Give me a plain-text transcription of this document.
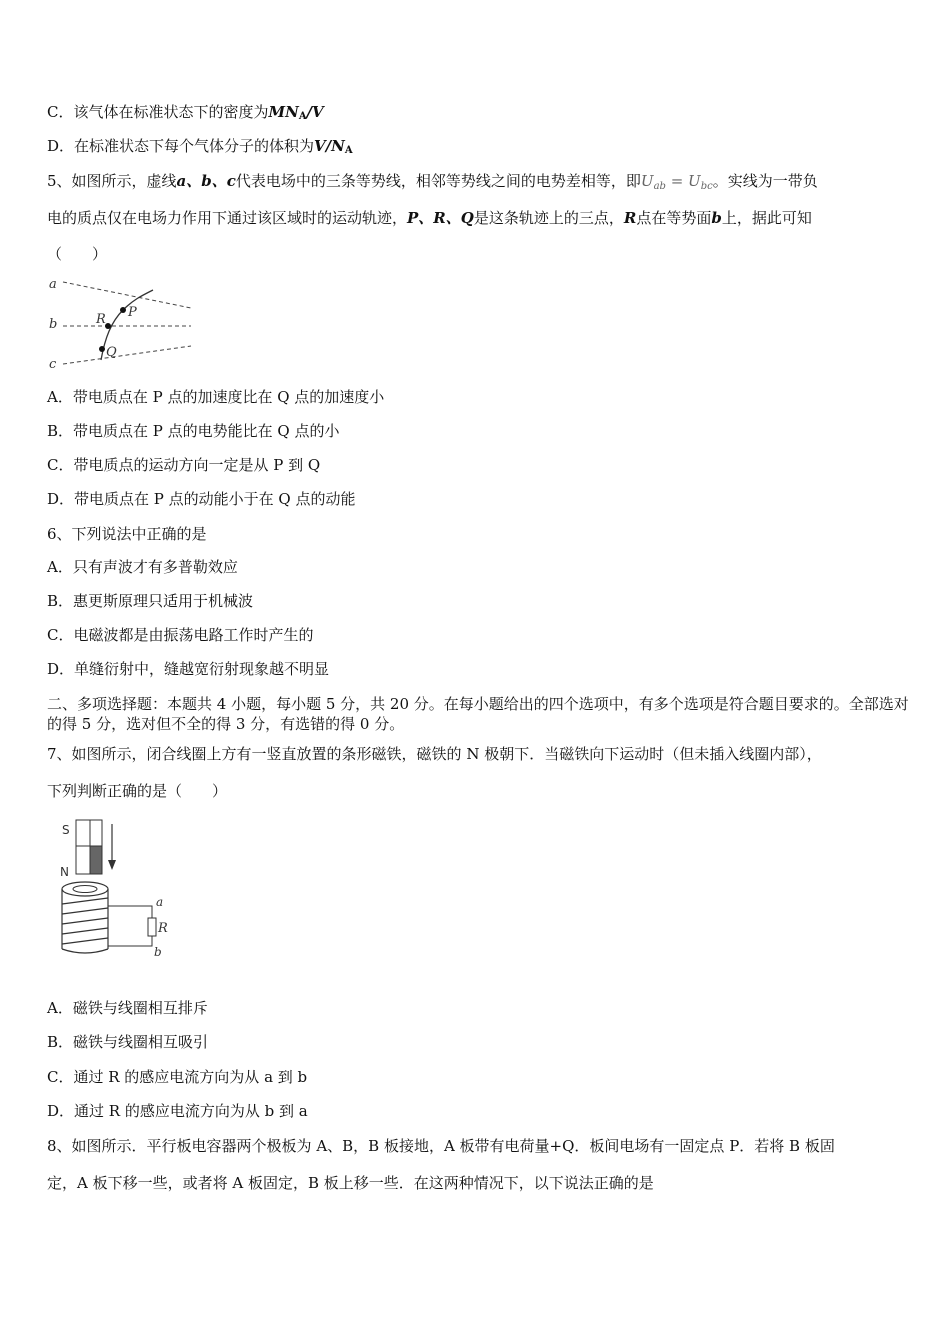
C．该气体在标准状态下的密度为$MN_A/V$
D．在标准状态下每个气体分子的体积为$V/N_A$
5、如图所示，虚线a、b、c代表电场中的三条等势线，相邻等势线之间的电势差相等，即$U_{ab} = U_{bc}$。实线为一带负
电的质点仅在电场力作用下通过该区域时的运动轨迹，P、R、Q是这条轨迹上的三点，R点在等势面b上，据此可知
（　　）
a
b
c
P
R
Q
A．带电质点在 P 点的加速度比在 Q 点的加速度小
B．带电质点在 P 点的电势能比在 Q 点的小
C．带电质点的运动方向一定是从 P 到 Q
D．带电质点在 P 点的动能小于在 Q 点的动能
6、下列说法中正确的是
A．只有声波才有多普勒效应
B．惠更斯原理只适用于机械波
C．电磁波都是由振荡电路工作时产生的
D．单缝衍射中，缝越宽衍射现象越不明显
二、多项选择题：本题共 4 小题，每小题 5 分，共 20 分。在每小题给出的四个选项中，有多个选项是符合题目要求的。全部选对的得 5 分，选对但不全的得 3 分，有选错的得 0 分。
7、如图所示，闭合线圈上方有一竖直放置的条形磁铁，磁铁的 N 极朝下．当磁铁向下运动时（但未插入线圈内部），
下列判断正确的是（　　）
S
N
a
R
b
A．磁铁与线圈相互排斥
B．磁铁与线圈相互吸引
C．通过 R 的感应电流方向为从 a 到 b
D．通过 R 的感应电流方向为从 b 到 a
8、如图所示．平行板电容器两个极板为 A、B，B 板接地，A 板带有电荷量+Q．板间电场有一固定点 P．若将 B 板固
定，A 板下移一些，或者将 A 板固定，B 板上移一些．在这两种情况下，以下说法正确的是
